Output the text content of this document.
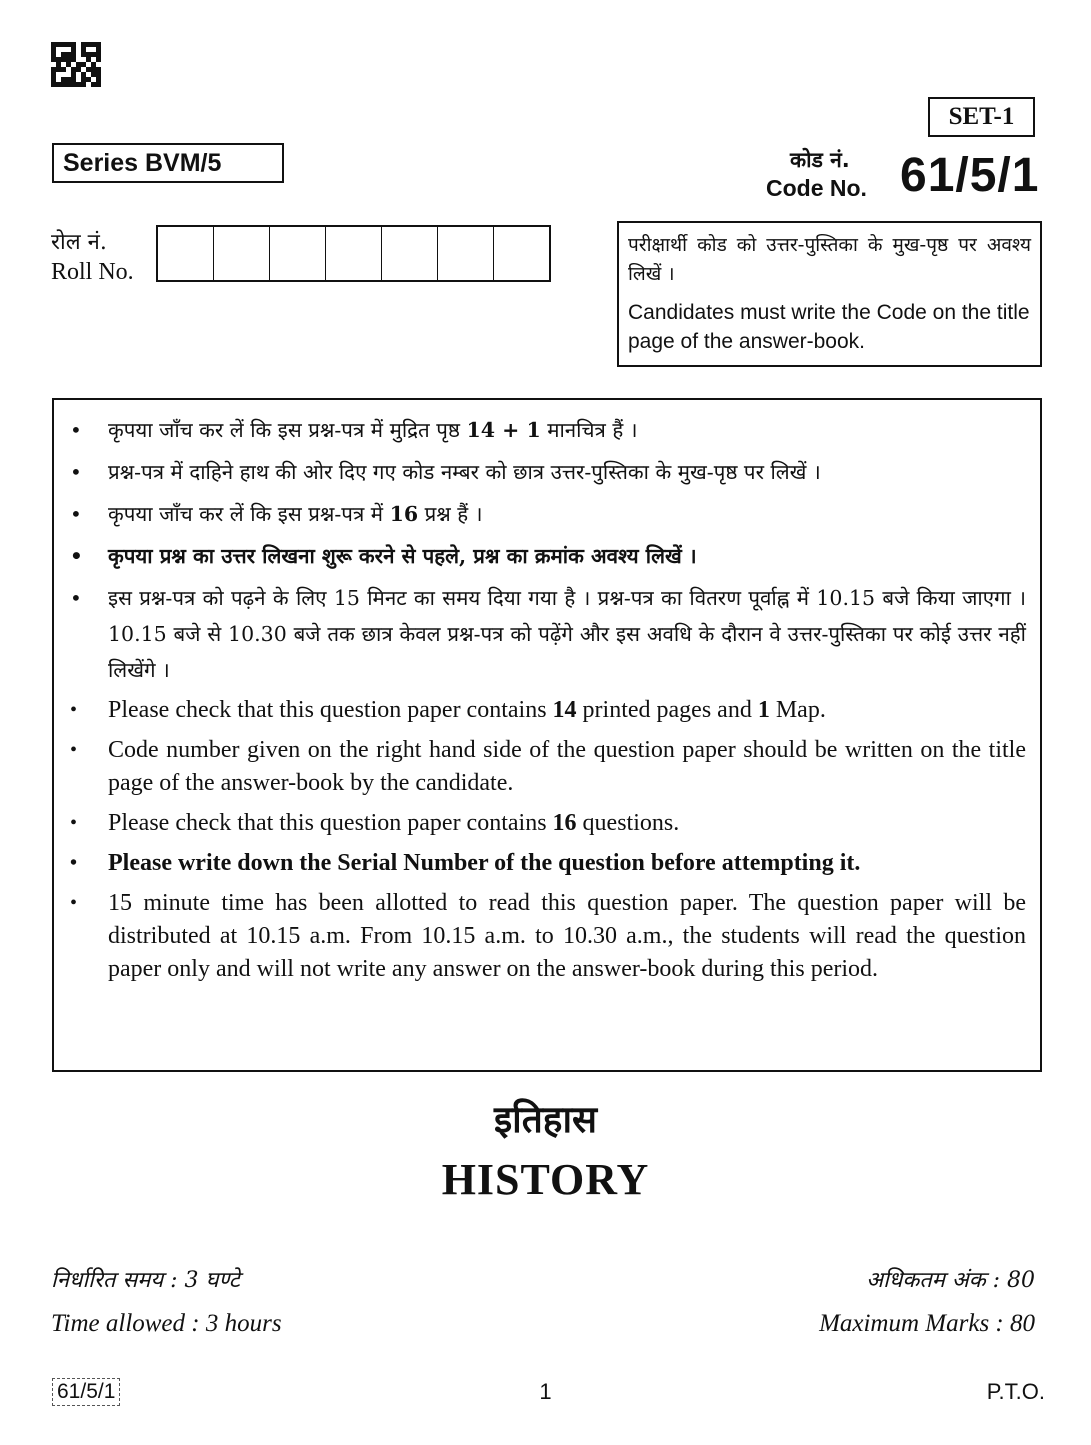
SET-1
Series BVM/5	कोड नं.
Code No. 61/5/1
रोल नं.
Roll No.
परीक्षार्थी कोड को उत्तर-पुस्तिका के मुख-पृष्ठ पर अवश्य लिखें ।
Candidates must write the Code on the title page of the answer-book.
• कृपया जाँच कर लें कि इस प्रश्न-पत्र में मुद्रित पृष्ठ 14 + 1 मानचित्र हैं ।
• प्रश्न-पत्र में दाहिने हाथ की ओर दिए गए कोड नम्बर को छात्र उत्तर-पुस्तिका के मुख-पृष्ठ पर लिखें ।
• कृपया जाँच कर लें कि इस प्रश्न-पत्र में 16 प्रश्न हैं ।
• कृपया प्रश्न का उत्तर लिखना शुरू करने से पहले, प्रश्न का क्रमांक अवश्य लिखें ।
• इस प्रश्न-पत्र को पढ़ने के लिए 15 मिनट का समय दिया गया है । प्रश्न-पत्र का वितरण पूर्वाह्न में 10.15 बजे किया जाएगा । 10.15 बजे से 10.30 बजे तक छात्र केवल प्रश्न-पत्र को पढ़ेंगे और इस अवधि के दौरान वे उत्तर-पुस्तिका पर कोई उत्तर नहीं लिखेंगे ।
• Please check that this question paper contains 14 printed pages and 1 Map.
• Code number given on the right hand side of the question paper should be written on the title page of the answer-book by the candidate.
• Please check that this question paper contains 16 questions.
• Please write down the Serial Number of the question before attempting it.
• 15 minute time has been allotted to read this question paper. The question paper will be distributed at 10.15 a.m. From 10.15 a.m. to 10.30 a.m., the students will read the question paper only and will not write any answer on the answer-book during this period.
इतिहास
HISTORY
निर्धारित समय : 3 घण्टे
Time allowed : 3 hours
अधिकतम अंक : 80
Maximum Marks : 80
61/5/1	1	P.T.O.
